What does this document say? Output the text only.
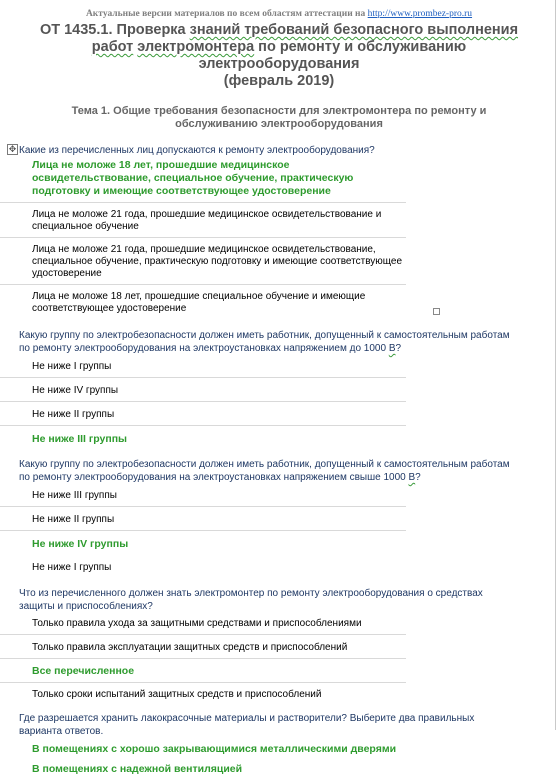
Актуальные версии материалов по всем областям аттестации на http://www.prombez-pro.ru
ОТ 1435.1. Проверка знаний требований безопасного выполнения работ электромонтера по ремонту и обслуживанию электрооборудования
(февраль 2019)
Тема 1. Общие требования безопасности для электромонтера по ремонту и обслуживанию электрооборудования
✥ Какие из перечисленных лиц допускаются к ремонту электрооборудования?
Лица не моложе 18 лет, прошедшие медицинское освидетельствование, специальное обучение, практическую подготовку и имеющие соответствующее удостоверение
Лица не моложе 21 года, прошедшие медицинское освидетельствование и специальное обучение
Лица не моложе 21 года, прошедшие медицинское освидетельствование, специальное обучение, практическую подготовку и имеющие соответствующее удостоверение
Лица не моложе 18 лет, прошедшие специальное обучение и имеющие соответствующее удостоверение
Какую группу по электробезопасности должен иметь работник, допущенный к самостоятельным работам по ремонту электрооборудования на электроустановках напряжением до 1000 В?
Не ниже I группы
Не ниже IV группы
Не ниже II группы
Не ниже III группы
Какую группу по электробезопасности должен иметь работник, допущенный к самостоятельным работам по ремонту электрооборудования на электроустановках напряжением свыше 1000 В?
Не ниже III группы
Не ниже II группы
Не ниже IV группы
Не ниже I группы
Что из перечисленного должен знать электромонтер по ремонту электрооборудования о средствах защиты и приспособлениях?
Только правила ухода за защитными средствами и приспособлениями
Только правила эксплуатации защитных средств и приспособлений
Все перечисленное
Только сроки испытаний защитных средств и приспособлений
Где разрешается хранить лакокрасочные материалы и растворители? Выберите два правильных варианта ответов.
В помещениях с хорошо закрывающимися металлическими дверями
В помещениях с надежной вентиляцией
